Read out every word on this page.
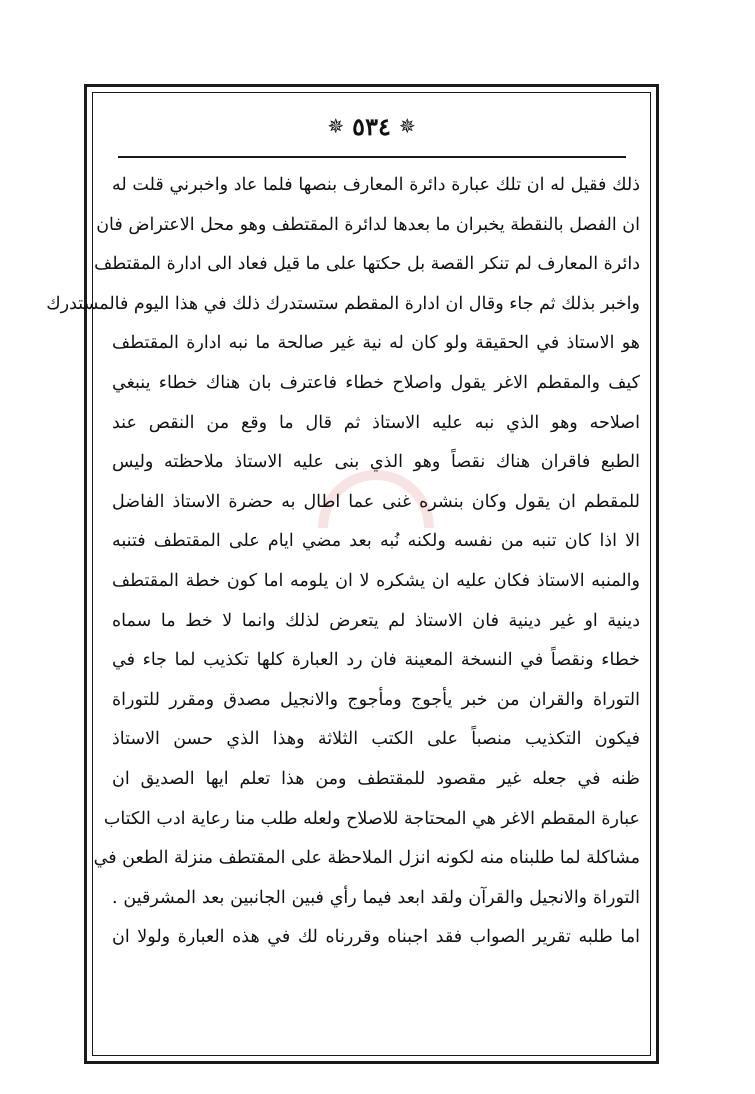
✵
٥٣٤
✵
ذلك فقيل له ان تلك عبارة دائرة المعارف بنصها فلما عاد واخبرني قلت له
ان الفصل بالنقطة يخبران ما بعدها لدائرة المقتطف وهو محل الاعتراض فان
دائرة المعارف لم تنكر القصة بل حكتها على ما قيل فعاد الى ادارة المقتطف
واخبر بذلك ثم جاء وقال ان ادارة المقطم ستستدرك ذلك في هذا اليوم فالمستدرك
هو الاستاذ في الحقيقة ولو كان له نية غير صالحة ما نبه ادارة المقتطف
كيف والمقطم الاغر يقول واصلاح خطاء فاعترف بان هناك خطاء ينبغي
اصلاحه وهو الذي نبه عليه الاستاذ ثم قال ما وقع من النقص عند
الطبع فاقران هناك نقصاً وهو الذي بنى عليه الاستاذ ملاحظته وليس
للمقطم ان يقول وكان بنشره غنى عما اطال به حضرة الاستاذ الفاضل
الا اذا كان تنبه من نفسه ولكنه نُبه بعد مضي ايام على المقتطف فتنبه
والمنبه الاستاذ فكان عليه ان يشكره لا ان يلومه اما كون خطة المقتطف
دينية او غير دينية فان الاستاذ لم يتعرض لذلك وانما لا خط ما سماه
خطاء ونقصاً في النسخة المعينة فان رد العبارة كلها تكذيب لما جاء في
التوراة والقران من خبر يأجوج ومأجوج والانجيل مصدق ومقرر للتوراة
فيكون التكذيب منصباً على الكتب الثلاثة وهذا الذي حسن الاستاذ
ظنه في جعله غير مقصود للمقتطف ومن هذا تعلم ايها الصديق ان
عبارة المقطم الاغر هي المحتاجة للاصلاح ولعله طلب منا رعاية ادب الكتاب
مشاكلة لما طلبناه منه لكونه انزل الملاحظة على المقتطف منزلة الطعن في
التوراة والانجيل والقرآن ولقد ابعد فيما رأي فبين الجانبين بعد المشرقين .
اما طلبه تقرير الصواب فقد اجبناه وقررناه لك في هذه العبارة ولولا ان
